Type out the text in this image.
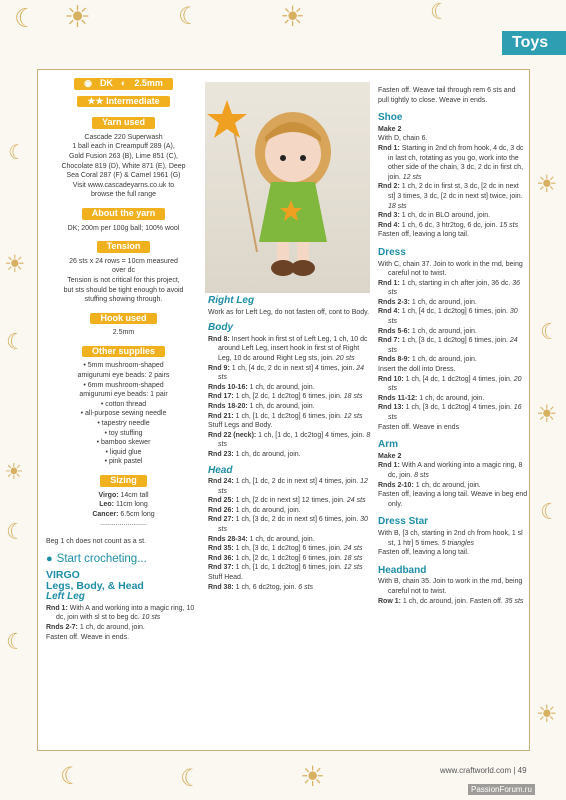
☾ ☀	☾	☀	☾
☾
☀
☾
☀
☾
☾
☀
☾
☀
☾
☀
☾	☀
☾
Toys
◉ DK ◐ 2.5mm
★★ Intermediate
Yarn used
Cascade 220 Superwash
1 ball each in Creampuff 289 (A),
Gold Fusion 263 (B), Lime 851 (C),
Chocolate 819 (D), White 871 (E), Deep
Sea Coral 287 (F) & Camel 1961 (G)
Visit www.cascadeyarns.co.uk to
browse the full range
About the yarn
DK; 200m per 100g ball; 100% wool
Tension
26 sts x 24 rows = 10cm measured
over dc
Tension is not critical for this project,
but sts should be tight enough to avoid
stuffing showing through.
Hook used
2.5mm
Other supplies
• 5mm mushroom-shaped
amigurumi eye beads: 2 pairs
• 6mm mushroom-shaped
amigurumi eye beads: 1 pair
• cotton thread
• all-purpose sewing needle
• tapestry needle
• toy stuffing
• bamboo skewer
• liquid glue
• pink pastel
Sizing
Virgo: 14cm tall
Leo: 11cm long
Cancer: 6.5cm long
........................

Beg 1 ch does not count as a st.

● Start crocheting...
VIRGO
Legs, Body, & Head
Left Leg

Rnd 1: With A and working into a magic ring, 10 dc, join with sl st to beg dc. 10 sts

Rnds 2-7: 1 ch, dc around, join.

Fasten off. Weave in ends.

Right Leg

Work as for Left Leg, do not fasten off, cont to Body.

Body

Rnd 8: Insert hook in first st of Left Leg, 1 ch, 10 dc around Left Leg, insert hook in first st of Right Leg, 10 dc around Right Leg sts, join. 20 sts

Rnd 9: 1 ch, [4 dc, 2 dc in next st] 4 times, join. 24 sts

Rnds 10-16: 1 ch, dc around, join.

Rnd 17: 1 ch, [2 dc, 1 dc2tog] 6 times, join. 18 sts

Rnds 18-20: 1 ch, dc around, join.

Rnd 21: 1 ch, [1 dc, 1 dc2tog] 6 times, join. 12 sts

Stuff Legs and Body.

Rnd 22 (neck): 1 ch, [1 dc, 1 dc2tog] 4 times, join. 8 sts

Rnd 23: 1 ch, dc around, join.

Head

Rnd 24: 1 ch, [1 dc, 2 dc in next st] 4 times, join. 12 sts

Rnd 25: 1 ch, [2 dc in next st] 12 times, join. 24 sts

Rnd 26: 1 ch, dc around, join.

Rnd 27: 1 ch, [3 dc, 2 dc in next st] 6 times, join. 30 sts

Rnds 28-34: 1 ch, dc around, join.

Rnd 35: 1 ch, [3 dc, 1 dc2tog] 6 times, join. 24 sts

Rnd 36: 1 ch, [2 dc, 1 dc2tog] 6 times, join. 18 sts

Rnd 37: 1 ch, [1 dc, 1 dc2tog] 6 times, join. 12 sts

Stuff Head.

Rnd 38: 1 ch, 6 dc2tog, join. 6 sts

Fasten off. Weave tail through rem 6 sts and pull tightly to close. Weave in ends.

Shoe

Make 2

With D, chain 6.

Rnd 1: Starting in 2nd ch from hook, 4 dc, 3 dc in last ch, rotating as you go, work into the other side of the chain, 3 dc, 2 dc in first ch, join. 12 sts

Rnd 2: 1 ch, 2 dc in first st, 3 dc, [2 dc in next st] 3 times, 3 dc, [2 dc in next st] twice, join. 18 sts

Rnd 3: 1 ch, dc in BLO around, join.

Rnd 4: 1 ch, 6 dc, 3 htr2tog, 6 dc, join. 15 sts

Fasten off, leaving a long tail.

Dress

With C, chain 37. Join to work in the rnd, being careful not to twist.

Rnd 1: 1 ch, starting in ch after join, 36 dc. 36 sts

Rnds 2-3: 1 ch, dc around, join.

Rnd 4: 1 ch, [4 dc, 1 dc2tog] 6 times, join. 30 sts

Rnds 5-6: 1 ch, dc around, join.

Rnd 7: 1 ch, [3 dc, 1 dc2tog] 6 times, join. 24 sts

Rnds 8-9: 1 ch, dc around, join.

Insert the doll into Dress.

Rnd 10: 1 ch, [4 dc, 1 dc2tog] 4 times, join. 20 sts

Rnds 11-12: 1 ch, dc around, join.

Rnd 13: 1 ch, [3 dc, 1 dc2tog] 4 times, join. 16 sts

Fasten off. Weave in ends

Arm

Make 2

Rnd 1: With A and working into a magic ring, 8 dc, join. 8 sts

Rnds 2-10: 1 ch, dc around, join.

Fasten off, leaving a long tail. Weave in beg end only.

Dress Star

With B, [3 ch, starting in 2nd ch from hook, 1 sl st, 1 htr] 5 times. 5 triangles

Fasten off, leaving a long tail.

Headband

With B, chain 35. Join to work in the rnd, being careful not to twist.

Row 1: 1 ch, dc around, join. Fasten off. 35 sts

www.craftworld.com | 49
PassionForum.ru
